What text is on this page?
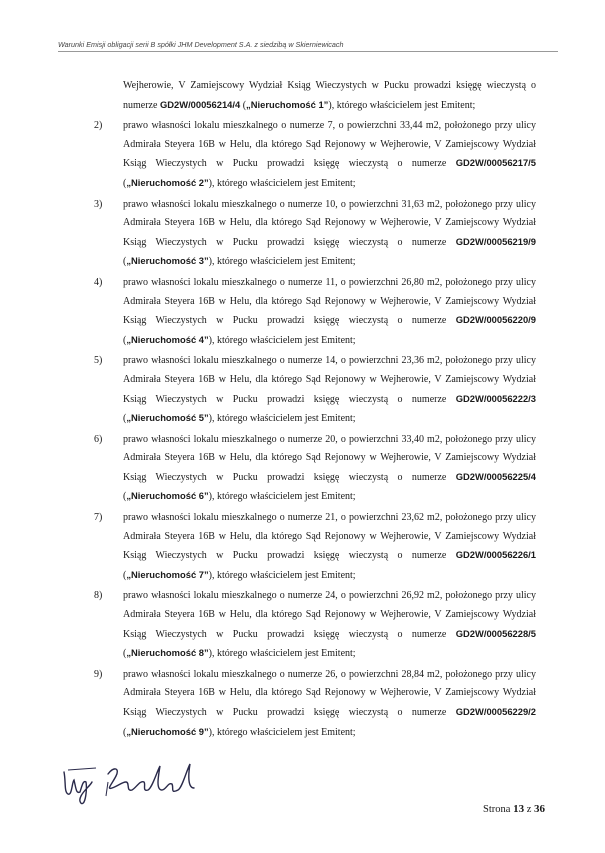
Warunki Emisji obligacji serii B spółki JHM Development S.A. z siedzibą w Skierniewicach
Wejherowie, V Zamiejscowy Wydział Ksiąg Wieczystych w Pucku prowadzi księgę wieczystą o numerze GD2W/00056214/4 („Nieruchomość 1”), którego właścicielem jest Emitent;
2)	prawo własności lokalu mieszkalnego o numerze 7, o powierzchni 33,44 m2, położonego przy ulicy Admirała Steyera 16B w Helu, dla którego Sąd Rejonowy w Wejherowie, V Zamiejscowy Wydział Ksiąg Wieczystych w Pucku prowadzi księgę wieczystą o numerze GD2W/00056217/5 („Nieruchomość 2”), którego właścicielem jest Emitent;
3)	prawo własności lokalu mieszkalnego o numerze 10, o powierzchni 31,63 m2, położonego przy ulicy Admirała Steyera 16B w Helu, dla którego Sąd Rejonowy w Wejherowie, V Zamiejscowy Wydział Ksiąg Wieczystych w Pucku prowadzi księgę wieczystą o numerze GD2W/00056219/9 („Nieruchomość 3”), którego właścicielem jest Emitent;
4)	prawo własności lokalu mieszkalnego o numerze 11, o powierzchni 26,80 m2, położonego przy ulicy Admirała Steyera 16B w Helu, dla którego Sąd Rejonowy w Wejherowie, V Zamiejscowy Wydział Ksiąg Wieczystych w Pucku prowadzi księgę wieczystą o numerze GD2W/00056220/9 („Nieruchomość 4”), którego właścicielem jest Emitent;
5)	prawo własności lokalu mieszkalnego o numerze 14, o powierzchni 23,36 m2, położonego przy ulicy Admirała Steyera 16B w Helu, dla którego Sąd Rejonowy w Wejherowie, V Zamiejscowy Wydział Ksiąg Wieczystych w Pucku prowadzi księgę wieczystą o numerze GD2W/00056222/3 („Nieruchomość 5”), którego właścicielem jest Emitent;
6)	prawo własności lokalu mieszkalnego o numerze 20, o powierzchni 33,40 m2, położonego przy ulicy Admirała Steyera 16B w Helu, dla którego Sąd Rejonowy w Wejherowie, V Zamiejscowy Wydział Ksiąg Wieczystych w Pucku prowadzi księgę wieczystą o numerze GD2W/00056225/4 („Nieruchomość 6”), którego właścicielem jest Emitent;
7)	prawo własności lokalu mieszkalnego o numerze 21, o powierzchni 23,62 m2, położonego przy ulicy Admirała Steyera 16B w Helu, dla którego Sąd Rejonowy w Wejherowie, V Zamiejscowy Wydział Ksiąg Wieczystych w Pucku prowadzi księgę wieczystą o numerze GD2W/00056226/1 („Nieruchomość 7”), którego właścicielem jest Emitent;
8)	prawo własności lokalu mieszkalnego o numerze 24, o powierzchni 26,92 m2, położonego przy ulicy Admirała Steyera 16B w Helu, dla którego Sąd Rejonowy w Wejherowie, V Zamiejscowy Wydział Ksiąg Wieczystych w Pucku prowadzi księgę wieczystą o numerze GD2W/00056228/5 („Nieruchomość 8”), którego właścicielem jest Emitent;
9)	prawo własności lokalu mieszkalnego o numerze 26, o powierzchni 28,84 m2, położonego przy ulicy Admirała Steyera 16B w Helu, dla którego Sąd Rejonowy w Wejherowie, V Zamiejscowy Wydział Ksiąg Wieczystych w Pucku prowadzi księgę wieczystą o numerze GD2W/00056229/2 („Nieruchomość 9”), którego właścicielem jest Emitent;
Strona 13 z 36
